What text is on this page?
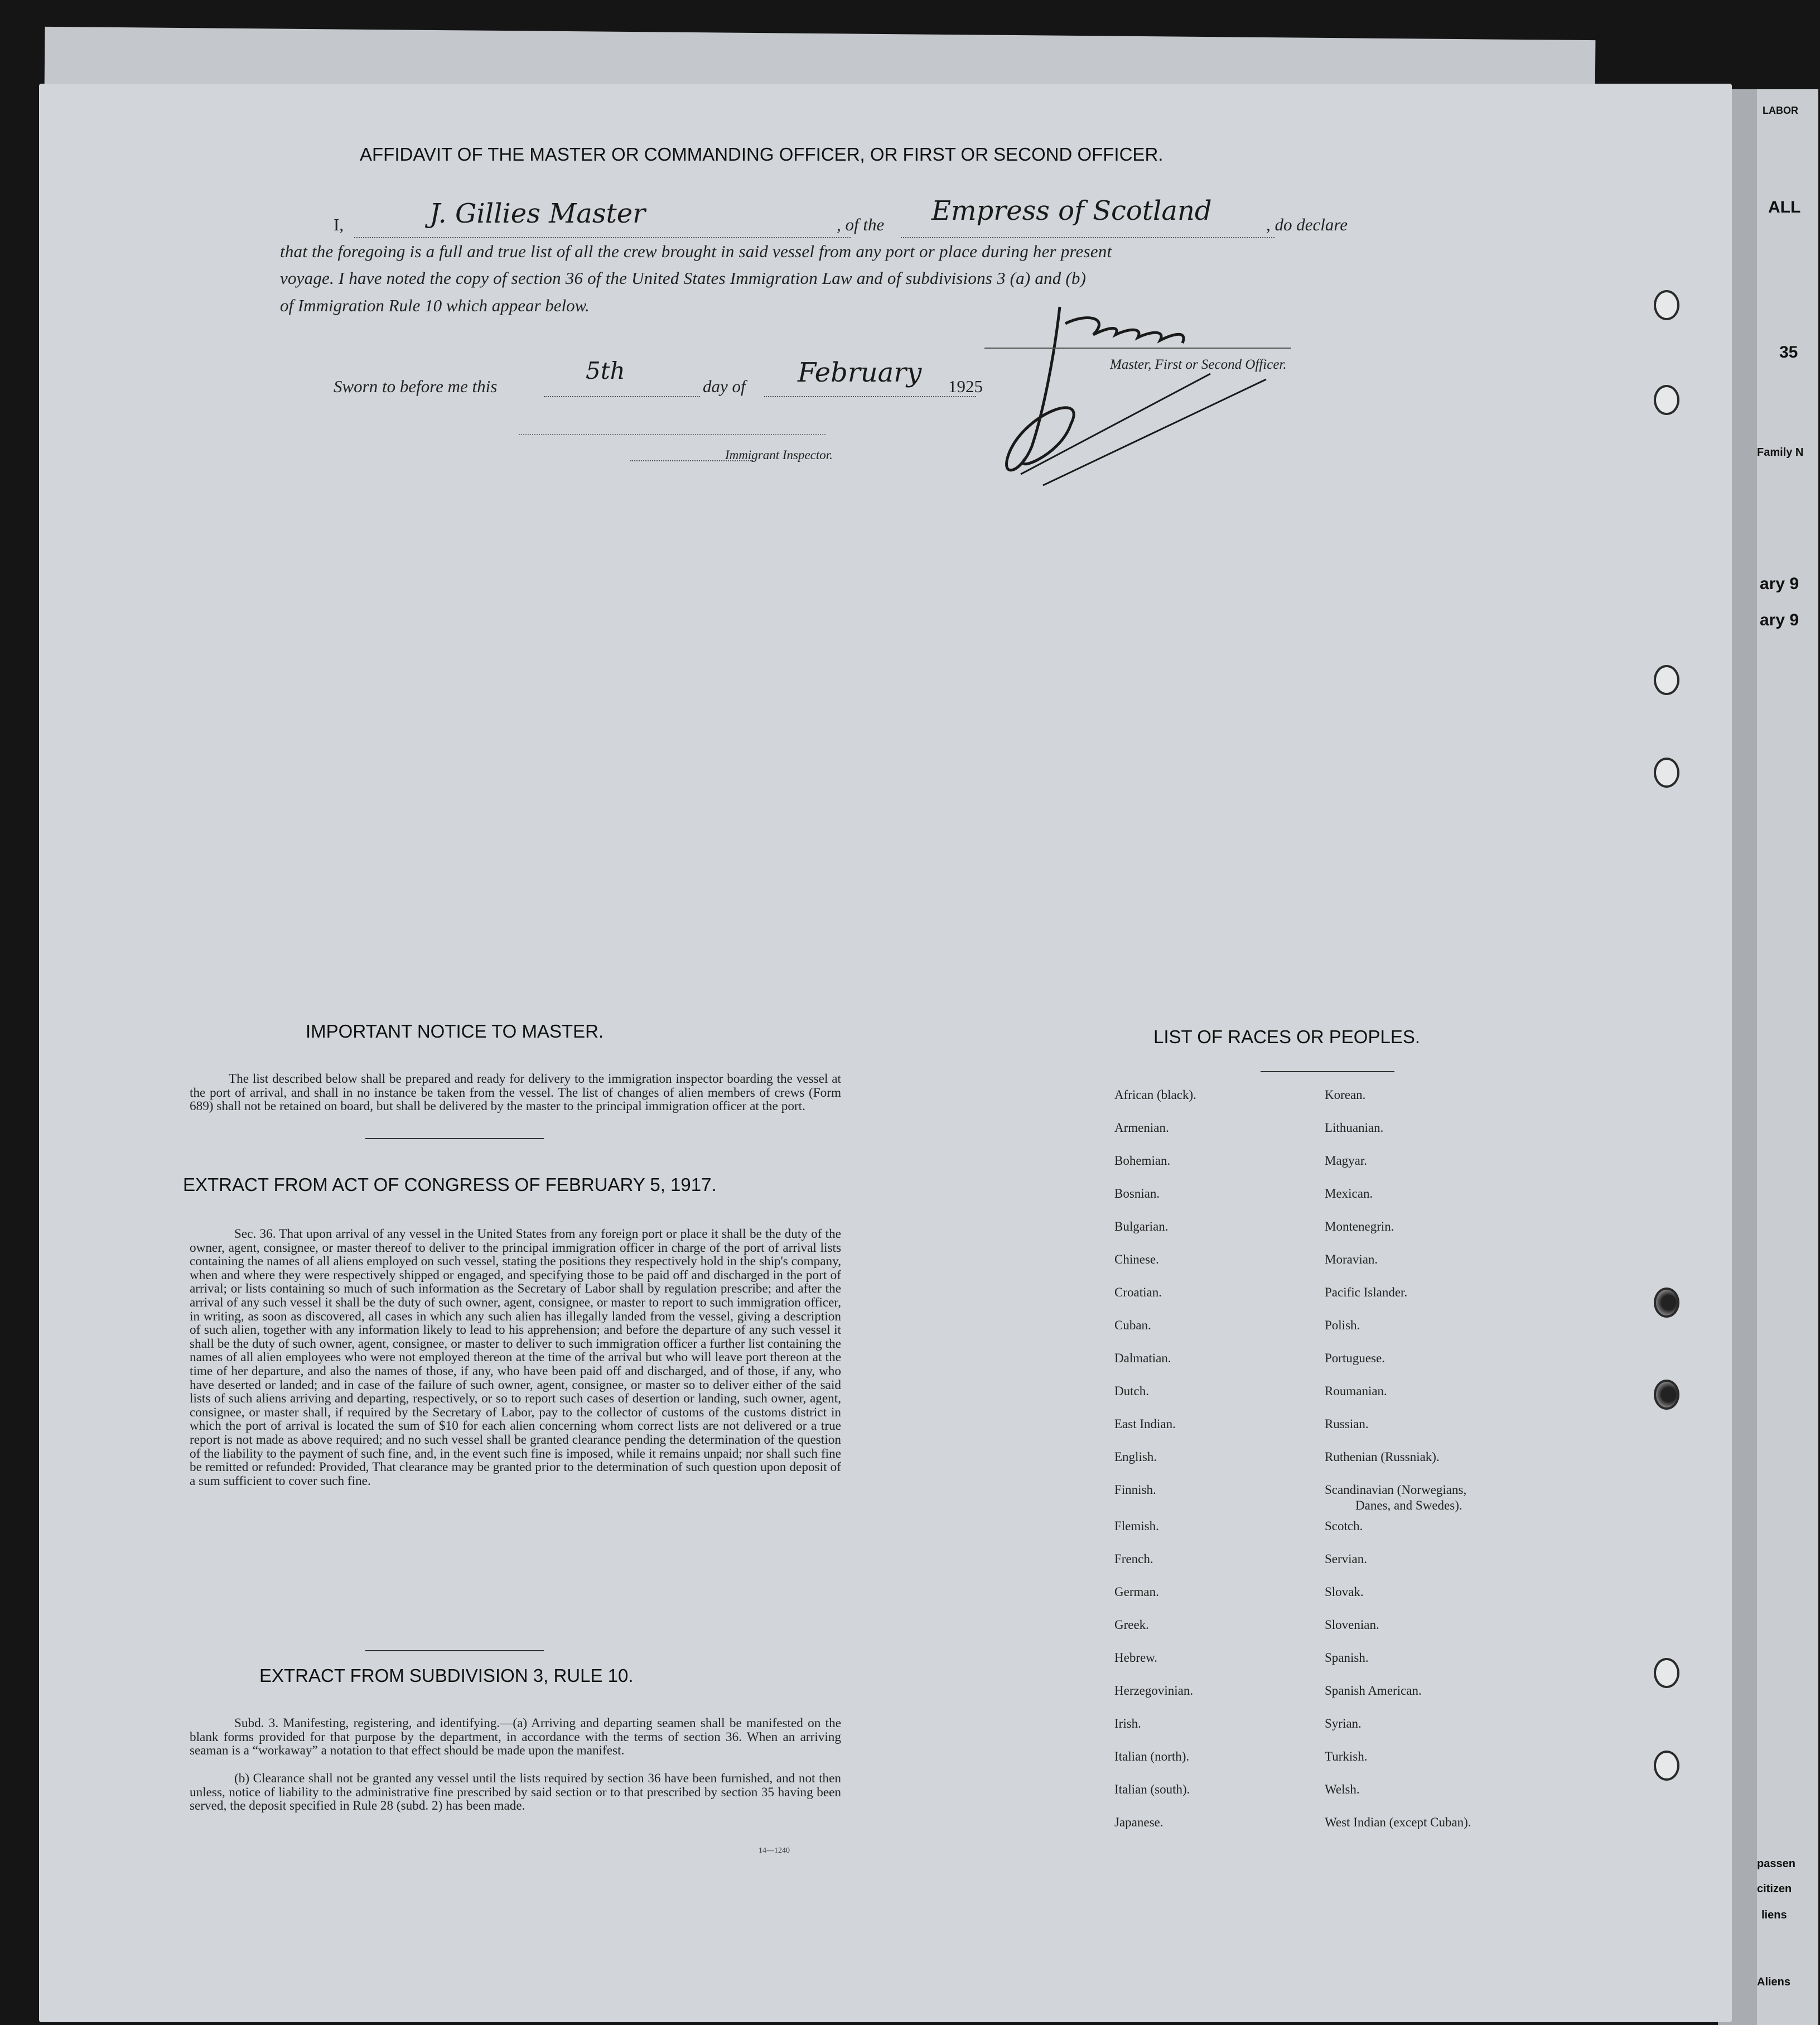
LABOR
ALL
35
Family N
ary 9
ary 9
passen
citizen
liens
Aliens
AFFIDAVIT OF THE MASTER OR COMMANDING OFFICER, OR FIRST OR SECOND OFFICER.
I,	J. Gillies Master	, of the Empress of Scotland	, do declare
that the foregoing is a full and true list of all the crew brought in said vessel from any port or place during her present
voyage. I have noted the copy of section 36 of the United States Immigration Law and of subdivisions 3 (a) and (b)
of Immigration Rule 10 which appear below.
Master, First or Second Officer.
Sworn to before me this
5th
day of February 1925
Immigrant Inspector.
IMPORTANT NOTICE TO MASTER.
The list described below shall be prepared and ready for delivery to the immigration inspector boarding the vessel at the port of arrival, and shall in no instance be taken from the vessel. The list of changes of alien members of crews (Form 689) shall not be retained on board, but shall be delivered by the master to the principal immigration officer at the port.
EXTRACT FROM ACT OF CONGRESS OF FEBRUARY 5, 1917.
Sec. 36. That upon arrival of any vessel in the United States from any foreign port or place it shall be the duty of the owner, agent, consignee, or master thereof to deliver to the principal immigration officer in charge of the port of arrival lists containing the names of all aliens employed on such vessel, stating the positions they respectively hold in the ship's company, when and where they were respectively shipped or engaged, and specifying those to be paid off and discharged in the port of arrival; or lists containing so much of such information as the Secretary of Labor shall by regulation prescribe; and after the arrival of any such vessel it shall be the duty of such owner, agent, consignee, or master to report to such immigration officer, in writing, as soon as discovered, all cases in which any such alien has illegally landed from the vessel, giving a description of such alien, together with any information likely to lead to his apprehension; and before the departure of any such vessel it shall be the duty of such owner, agent, consignee, or master to deliver to such immigration officer a further list containing the names of all alien employees who were not employed thereon at the time of the arrival but who will leave port thereon at the time of her departure, and also the names of those, if any, who have been paid off and discharged, and of those, if any, who have deserted or landed; and in case of the failure of such owner, agent, consignee, or master so to deliver either of the said lists of such aliens arriving and departing, respectively, or so to report such cases of desertion or landing, such owner, agent, consignee, or master shall, if required by the Secretary of Labor, pay to the collector of customs of the customs district in which the port of arrival is located the sum of $10 for each alien concerning whom correct lists are not delivered or a true report is not made as above required; and no such vessel shall be granted clearance pending the determination of the question of the liability to the payment of such fine, and, in the event such fine is imposed, while it remains unpaid; nor shall such fine be remitted or refunded: Provided, That clearance may be granted prior to the determination of such question upon deposit of a sum sufficient to cover such fine.
EXTRACT FROM SUBDIVISION 3, RULE 10.
Subd. 3. Manifesting, registering, and identifying.—(a) Arriving and departing seamen shall be manifested on the blank forms provided for that purpose by the department, in accordance with the terms of section 36. When an arriving seaman is a “workaway” a notation to that effect should be made upon the manifest.
(b) Clearance shall not be granted any vessel until the lists required by section 36 have been furnished, and not then unless, notice of liability to the administrative fine prescribed by said section or to that prescribed by section 35 having been served, the deposit specified in Rule 28 (subd. 2) has been made.
14—1240
LIST OF RACES OR PEOPLES.
African (black).
Armenian.
Bohemian.
Bosnian.
Bulgarian.
Chinese.
Croatian.
Cuban.
Dalmatian.
Dutch.
East Indian.
English.
Finnish.
Flemish.
French.
German.
Greek.
Hebrew.
Herzegovinian.
Irish.
Italian (north).
Italian (south).
Japanese.
Korean.
Lithuanian.
Magyar.
Mexican.
Montenegrin.
Moravian.
Pacific Islander.
Polish.
Portuguese.
Roumanian.
Russian.
Ruthenian (Russniak).
Scandinavian (Norwegians,
Danes, and Swedes).
Scotch.
Servian.
Slovak.
Slovenian.
Spanish.
Spanish American.
Syrian.
Turkish.
Welsh.
West Indian (except Cuban).
